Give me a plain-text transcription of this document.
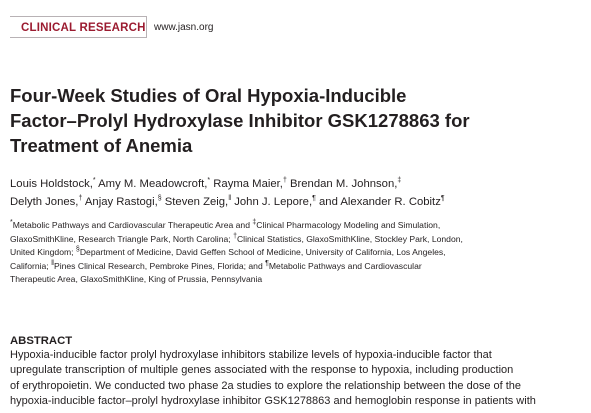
CLINICAL RESEARCH www.jasn.org
Four-Week Studies of Oral Hypoxia-Inducible
Factor–Prolyl Hydroxylase Inhibitor GSK1278863 for
Treatment of Anemia
Louis Holdstock,* Amy M. Meadowcroft,* Rayma Maier,† Brendan M. Johnson,‡
Delyth Jones,† Anjay Rastogi,§ Steven Zeig,‖ John J. Lepore,¶ and Alexander R. Cobitz¶
*Metabolic Pathways and Cardiovascular Therapeutic Area and ‡Clinical Pharmacology Modeling and Simulation,
GlaxoSmithKline, Research Triangle Park, North Carolina; †Clinical Statistics, GlaxoSmithKline, Stockley Park, London,
United Kingdom; §Department of Medicine, David Geffen School of Medicine, University of California, Los Angeles,
California; ‖Pines Clinical Research, Pembroke Pines, Florida; and ¶Metabolic Pathways and Cardiovascular
Therapeutic Area, GlaxoSmithKline, King of Prussia, Pennsylvania
ABSTRACT
Hypoxia-inducible factor prolyl hydroxylase inhibitors stabilize levels of hypoxia-inducible factor that
upregulate transcription of multiple genes associated with the response to hypoxia, including production
of erythropoietin. We conducted two phase 2a studies to explore the relationship between the dose of the
hypoxia-inducible factor–prolyl hydroxylase inhibitor GSK1278863 and hemoglobin response in patients with
